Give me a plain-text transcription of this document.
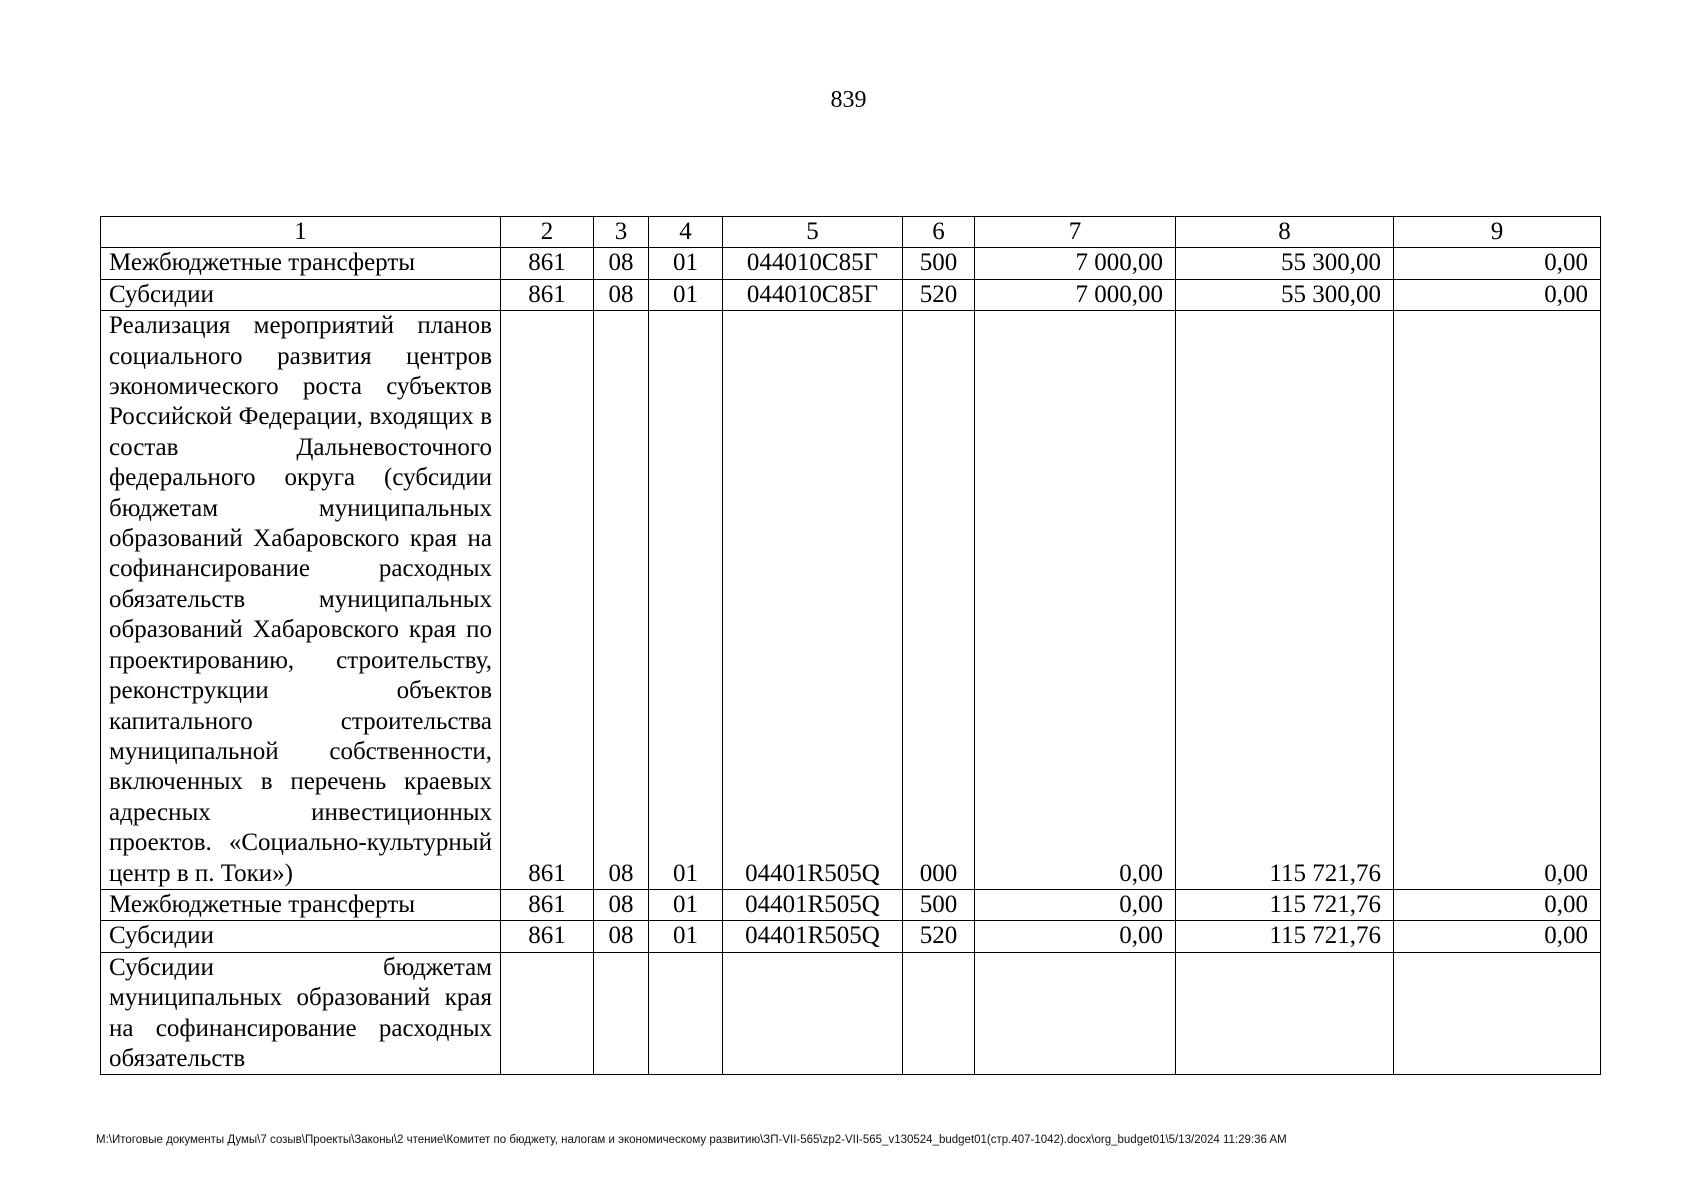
839
1	2	3	4	5	6	7	8	9
Межбюджетные трансферты	861	08	01	044010С85Г	500	7 000,00	55 300,00	0,00
Субсидии	861	08	01	044010С85Г	520	7 000,00	55 300,00	0,00
Реализация мероприятий планов социального развития центров экономического роста субъектов Российской Федерации, входящих в состав Дальневосточного федерального округа (субсидии бюджетам муниципальных образований Хабаровского края на софинансирование расходных обязательств муниципальных образований Хабаровского края по проектированию, строительству, реконструкции объектов капитального строительства муниципальной собственности, включенных в перечень краевых адресных инвестиционных проектов. «Социально-культурный центр в п. Токи»)	861	08	01	04401R505Q	000	0,00	115 721,76	0,00
Межбюджетные трансферты	861	08	01	04401R505Q	500	0,00	115 721,76	0,00
Субсидии	861	08	01	04401R505Q	520	0,00	115 721,76	0,00
Субсидии бюджетам муниципальных образований края на софинансирование расходных обязательств								
M:\Итоговые документы Думы\7 созыв\Проекты\Законы\2 чтение\Комитет по бюджету, налогам и экономическому развитию\ЗП-VII-565\zp2-VII-565_v130524_budget01(стр.407-1042).docx\org_budget01\5/13/2024 11:29:36 AM
